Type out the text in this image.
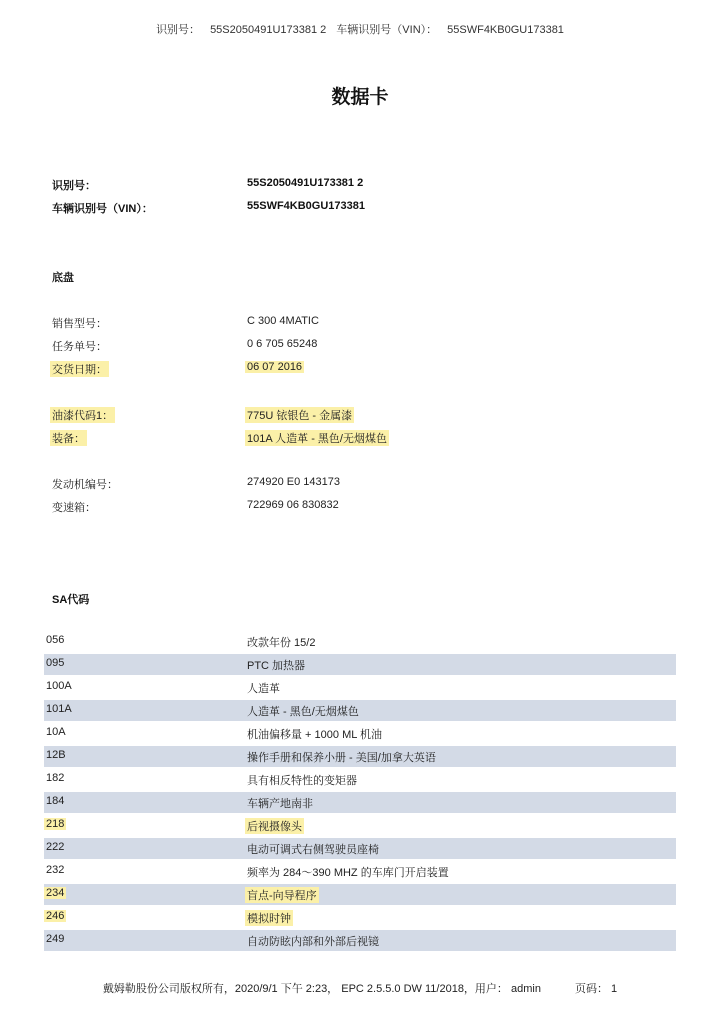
识别号： 55S2050491U173381 2 车辆识别号（VIN）： 55SWF4KB0GU173381
数据卡
识别号：	55S2050491U173381 2
车辆识别号（VIN）：	55SWF4KB0GU173381
底盘
销售型号：	C 300 4MATIC
任务单号：	0 6 705 65248
交货日期：	06 07 2016
油漆代码1：	775U 铱银色 - 金属漆
装备：	101A 人造革 - 黑色/无烟煤色
发动机编号：	274920 E0 143173
变速箱：	722969 06 830832
SA代码
056	改款年份 15/2
095	PTC 加热器
100A	人造革
101A	人造革 - 黑色/无烟煤色
10A	机油偏移量 + 1000 ML 机油
12B	操作手册和保养小册 - 美国/加拿大英语
182	具有相反特性的变矩器
184	车辆产地南非
218	后视摄像头
222	电动可调式右侧驾驶员座椅
232	频率为 284～390 MHZ 的车库门开启装置
234	盲点-向导程序
246	模拟时钟
249	自动防眩内部和外部后视镜
戴姆勒股份公司版权所有，2020/9/1 下午 2:23， EPC 2.5.5.0 DW 11/2018，用户： admin	页码： 1
